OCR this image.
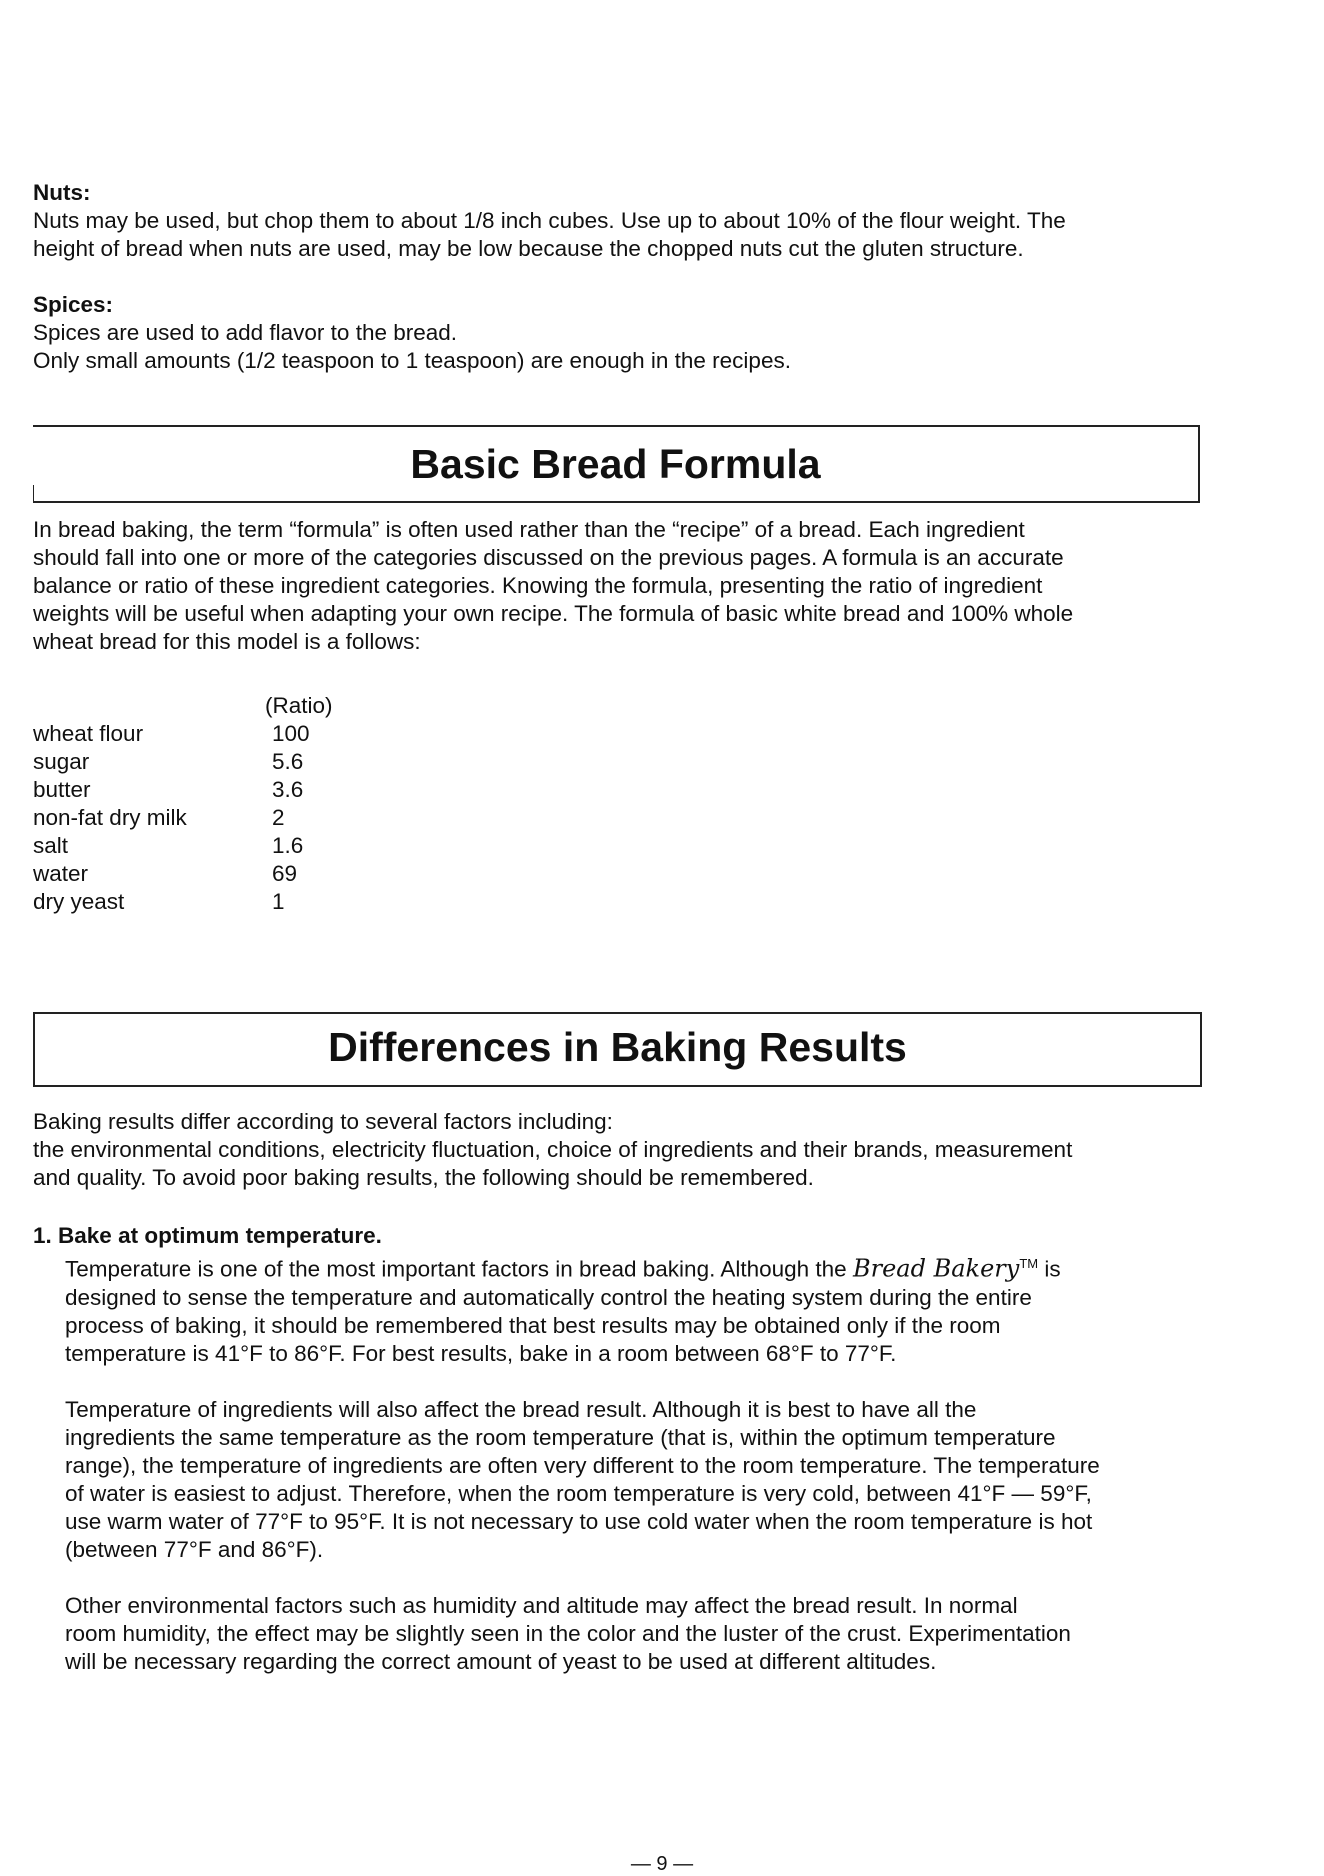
Nuts:
Nuts may be used, but chop them to about 1/8 inch cubes. Use up to about 10% of the flour weight. The
height of bread when nuts are used, may be low because the chopped nuts cut the gluten structure.
Spices:
Spices are used to add flavor to the bread.
Only small amounts (1/2 teaspoon to 1 teaspoon) are enough in the recipes.
Basic Bread Formula
In bread baking, the term “formula” is often used rather than the “recipe” of a bread. Each ingredient
should fall into one or more of the categories discussed on the previous pages. A formula is an accurate
balance or ratio of these ingredient categories. Knowing the formula, presenting the ratio of ingredient
weights will be useful when adapting your own recipe. The formula of basic white bread and 100% whole
wheat bread for this model is a follows:
(Ratio)
wheat flour	100
sugar	5.6
butter	3.6
non-fat dry milk	2
salt	1.6
water	69
dry yeast	1
Differences in Baking Results
Baking results differ according to several factors including:
the environmental conditions, electricity fluctuation, choice of ingredients and their brands, measurement
and quality. To avoid poor baking results, the following should be remembered.
1. Bake at optimum temperature.
Temperature is one of the most important factors in bread baking. Although the Bread Bakery™ is
designed to sense the temperature and automatically control the heating system during the entire
process of baking, it should be remembered that best results may be obtained only if the room
temperature is 41°F to 86°F. For best results, bake in a room between 68°F to 77°F.
Temperature of ingredients will also affect the bread result. Although it is best to have all the
ingredients the same temperature as the room temperature (that is, within the optimum temperature
range), the temperature of ingredients are often very different to the room temperature. The temperature
of water is easiest to adjust. Therefore, when the room temperature is very cold, between 41°F — 59°F,
use warm water of 77°F to 95°F. It is not necessary to use cold water when the room temperature is hot
(between 77°F and 86°F).
Other environmental factors such as humidity and altitude may affect the bread result. In normal
room humidity, the effect may be slightly seen in the color and the luster of the crust. Experimentation
will be necessary regarding the correct amount of yeast to be used at different altitudes.
— 9 —
